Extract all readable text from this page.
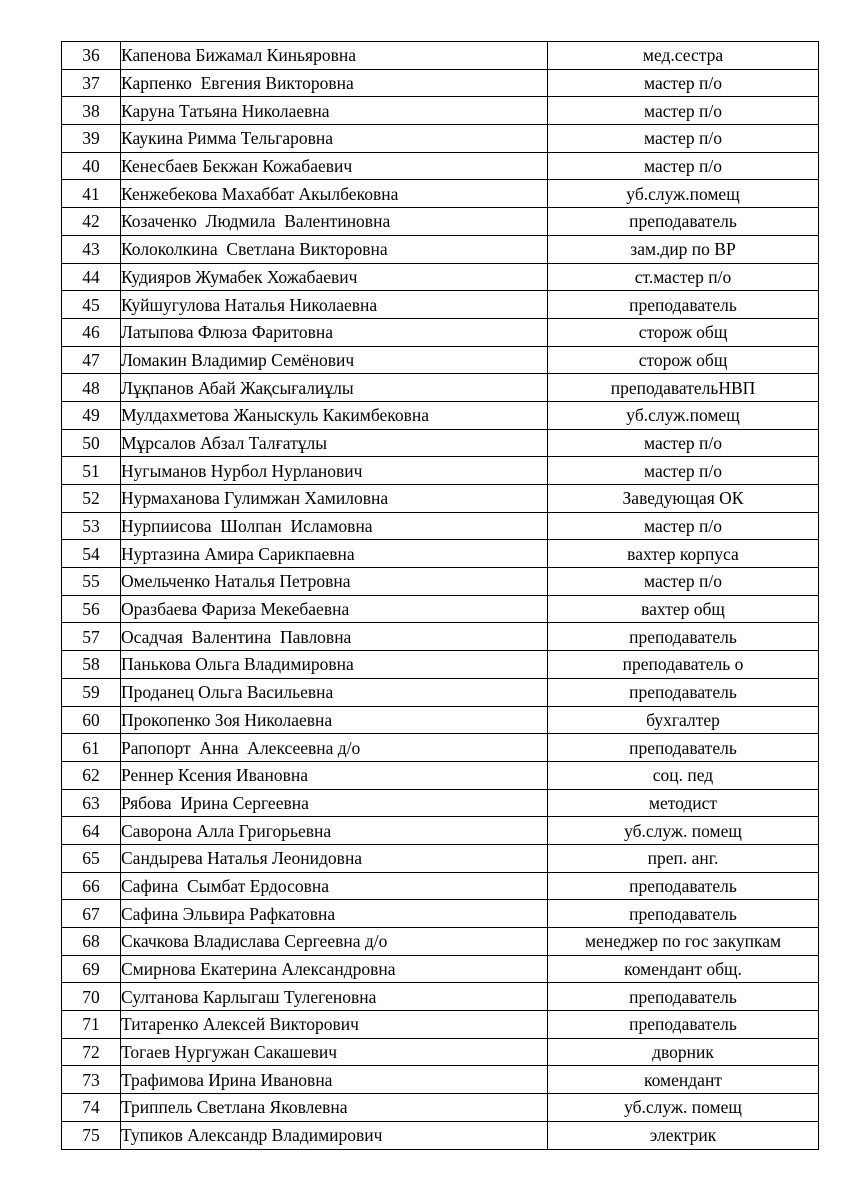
36	Капенова Бижамал Киньяровна	мед.сестра
37	Карпенко  Евгения Викторовна	мастер п/о
38	Каруна Татьяна Николаевна	мастер п/о
39	Каукина Римма Тельгаровна	мастер п/о
40	Кенесбаев Бекжан Кожабаевич	мастер п/о
41	Кенжебекова Махаббат Акылбековна	уб.служ.помещ
42	Козаченко  Людмила  Валентиновна	преподаватель
43	Колоколкина  Светлана Викторовна	зам.дир по ВР
44	Кудияров Жумабек Хожабаевич	ст.мастер п/о
45	Куйшугулова Наталья Николаевна	преподаватель
46	Латыпова Флюза Фаритовна	сторож общ
47	Ломакин Владимир Семёнович	сторож общ
48	Лұқпанов Абай Жақсығалиұлы	преподавательНВП
49	Мулдахметова Жаныскуль Какимбековна	уб.служ.помещ
50	Мұрсалов Абзал Талғатұлы	мастер п/о
51	Нугыманов Нурбол Нурланович	мастер п/о
52	Нурмаханова Гулимжан Хамиловна	Заведующая ОК
53	Нурпиисова  Шолпан  Исламовна	мастер п/о
54	Нуртазина Амира Сарикпаевна	вахтер корпуса
55	Омельченко Наталья Петровна	мастер п/о
56	Оразбаева Фариза Мекебаевна	вахтер общ
57	Осадчая  Валентина  Павловна	преподаватель
58	Панькова Ольга Владимировна	преподаватель о
59	Проданец Ольга Васильевна	преподаватель
60	Прокопенко Зоя Николаевна	бухгалтер
61	Рапопорт  Анна  Алексеевна д/о	преподаватель
62	Реннер Ксения Ивановна	соц. пед
63	Рябова  Ирина Сергеевна	методист
64	Саворона Алла Григорьевна	уб.служ. помещ
65	Сандырева Наталья Леонидовна	преп. анг.
66	Сафина  Сымбат Ердосовна	преподаватель
67	Сафина Эльвира Рафкатовна	преподаватель
68	Скачкова Владислава Сергеевна д/о	менеджер по гос закупкам
69	Смирнова Екатерина Александровна	комендант общ.
70	Султанова Карлыгаш Тулегеновна	преподаватель
71	Титаренко Алексей Викторович	преподаватель
72	Тогаев Нургужан Сакашевич	дворник
73	Трафимова Ирина Ивановна	комендант
74	Триппель Светлана Яковлевна	уб.служ. помещ
75	Тупиков Александр Владимирович	электрик
